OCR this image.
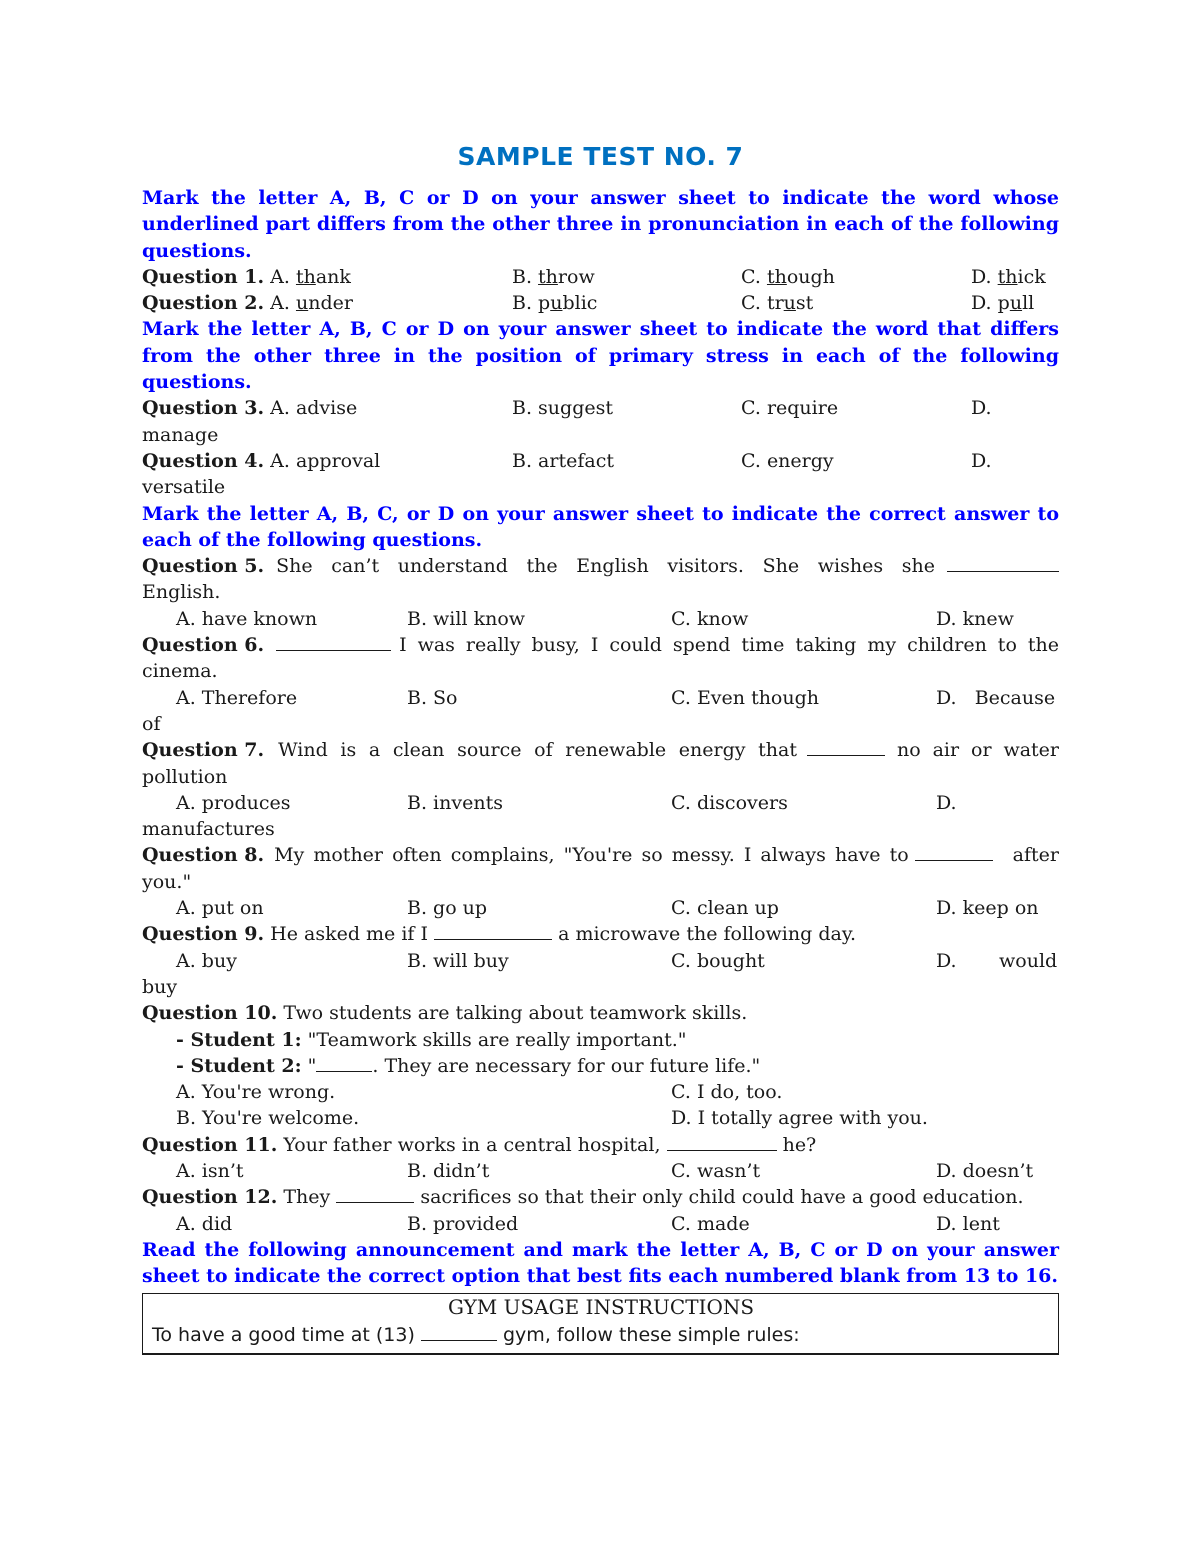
SAMPLE TEST NO. 7

Mark the letter A, B, C or D on your answer sheet to indicate the word whose underlined part differs from the other three in pronunciation in each of the following questions.

Question 1. A. thank	B. throw	C. though	D. thick
Question 2. A. under	B. public	C. trust	D. pull

Mark the letter A, B, C or D on your answer sheet to indicate the word that differs from the other three in the position of primary stress in each of the following questions.

Question 3. A. advise	B. suggest	C. require	D.
manage
Question 4. A. approval	B. artefact	C. energy	D.
versatile

Mark the letter A, B, C, or D on your answer sheet to indicate the correct answer to each of the following questions.

Question 5. She can’t understand the English visitors. She wishes she
English.
A. have known	B. will know	C. know	D. knew
Question 6.	I was really busy, I could spend time taking my children to the
cinema.
A. Therefore	B. So	C. Even though	D.   Because
of
Question 7 . Wind is a clean source of renewable energy that	no air or water
pollution
A. produces	B. invents	C. discovers	D.
manufactures
Question 8. My mother often complains, "You're so messy. I always have to	after
you."
A. put on	B. go up	C. clean up	D. keep on
Question 9. He asked me if I	a microwave the following day.
A. buy	B. will buy	C. bought	D. would
buy
Question 10. Two students are talking about teamwork skills.
- Student 1: "Teamwork skills are really important."
- Student 2: "	. They are necessary for our future life."
A. You're wrong.	C. I do, too.
B. You're welcome.	D. I totally agree with you.
Question 11. Your father works in a central hospital,	he?
A. isn’t	B. didn’t	C. wasn’t	D. doesn’t
Question 12. They	sacrifices so that their only child could have a good education.
A. did	B. provided	C. made	D. lent

Read the following announcement and mark the letter A, B, C or D on your answer sheet to indicate the correct option that best fits each numbered blank from 13 to 16.

GYM USAGE INSTRUCTIONS
To have a good time at (13)	gym, follow these simple rules:
